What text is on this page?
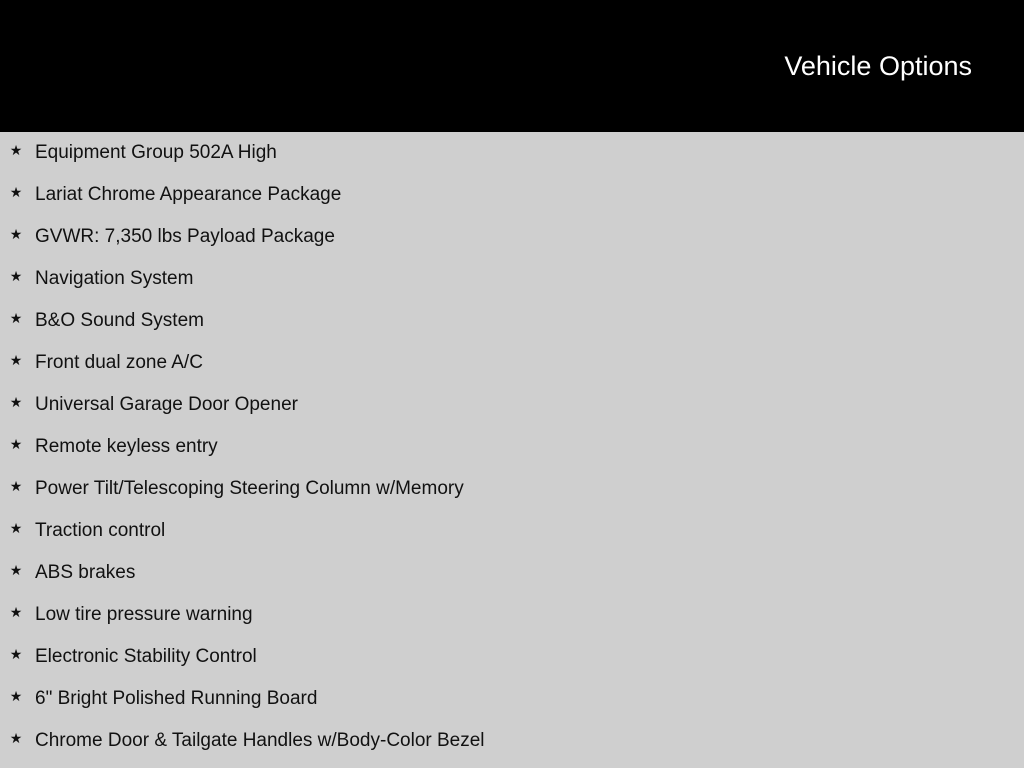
Vehicle Options
★ Equipment Group 502A High
★ Lariat Chrome Appearance Package
★ GVWR: 7,350 lbs Payload Package
★ Navigation System
★ B&O Sound System
★ Front dual zone A/C
★ Universal Garage Door Opener
★ Remote keyless entry
★ Power Tilt/Telescoping Steering Column w/Memory
★ Traction control
★ ABS brakes
★ Low tire pressure warning
★ Electronic Stability Control
★ 6" Bright Polished Running Board
★ Chrome Door & Tailgate Handles w/Body-Color Bezel
